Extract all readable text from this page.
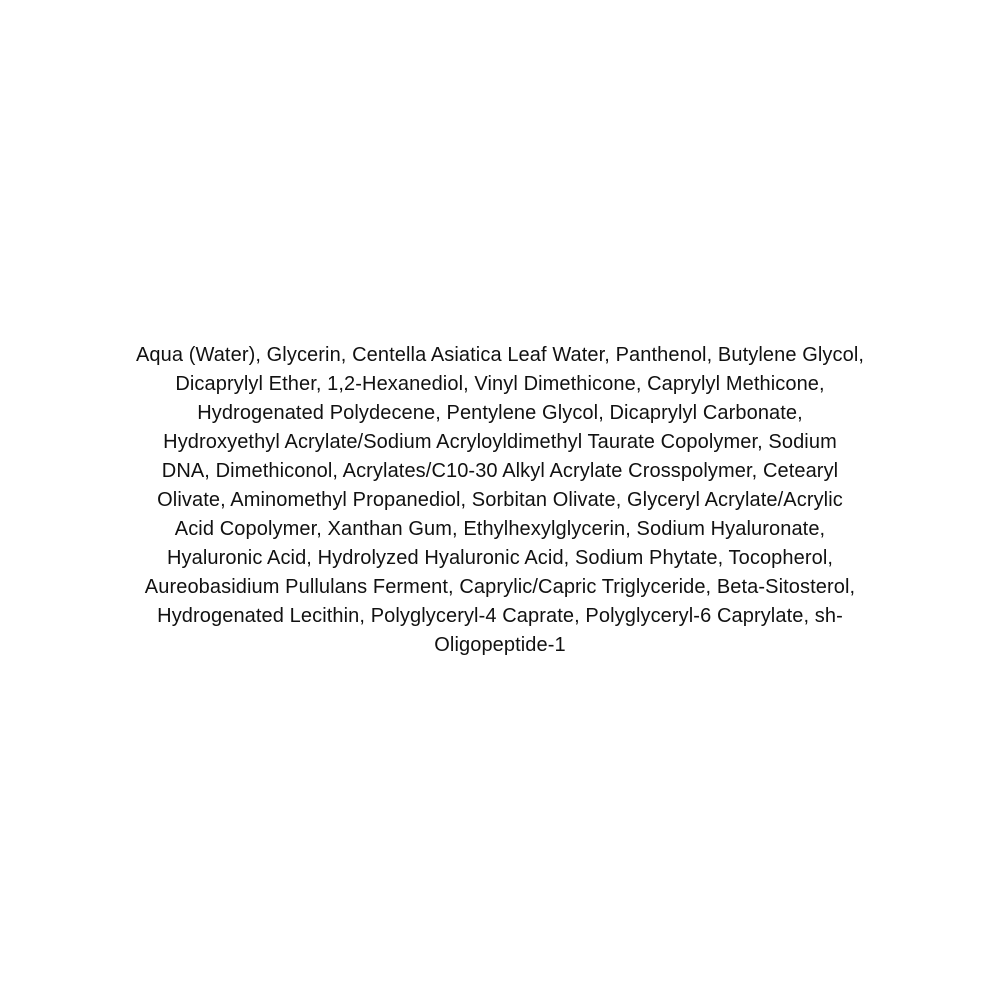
Aqua (Water), Glycerin, Centella Asiatica Leaf Water, Panthenol, Butylene Glycol,
Dicaprylyl Ether, 1,2-Hexanediol, Vinyl Dimethicone, Caprylyl Methicone,
Hydrogenated Polydecene, Pentylene Glycol, Dicaprylyl Carbonate,
Hydroxyethyl Acrylate/Sodium Acryloyldimethyl Taurate Copolymer, Sodium
DNA, Dimethiconol, Acrylates/C10-30 Alkyl Acrylate Crosspolymer, Cetearyl
Olivate, Aminomethyl Propanediol, Sorbitan Olivate, Glyceryl Acrylate/Acrylic
Acid Copolymer, Xanthan Gum, Ethylhexylglycerin, Sodium Hyaluronate,
Hyaluronic Acid, Hydrolyzed Hyaluronic Acid, Sodium Phytate, Tocopherol,
Aureobasidium Pullulans Ferment, Caprylic/Capric Triglyceride, Beta-Sitosterol,
Hydrogenated Lecithin, Polyglyceryl-4 Caprate, Polyglyceryl-6 Caprylate, sh-
Oligopeptide-1
